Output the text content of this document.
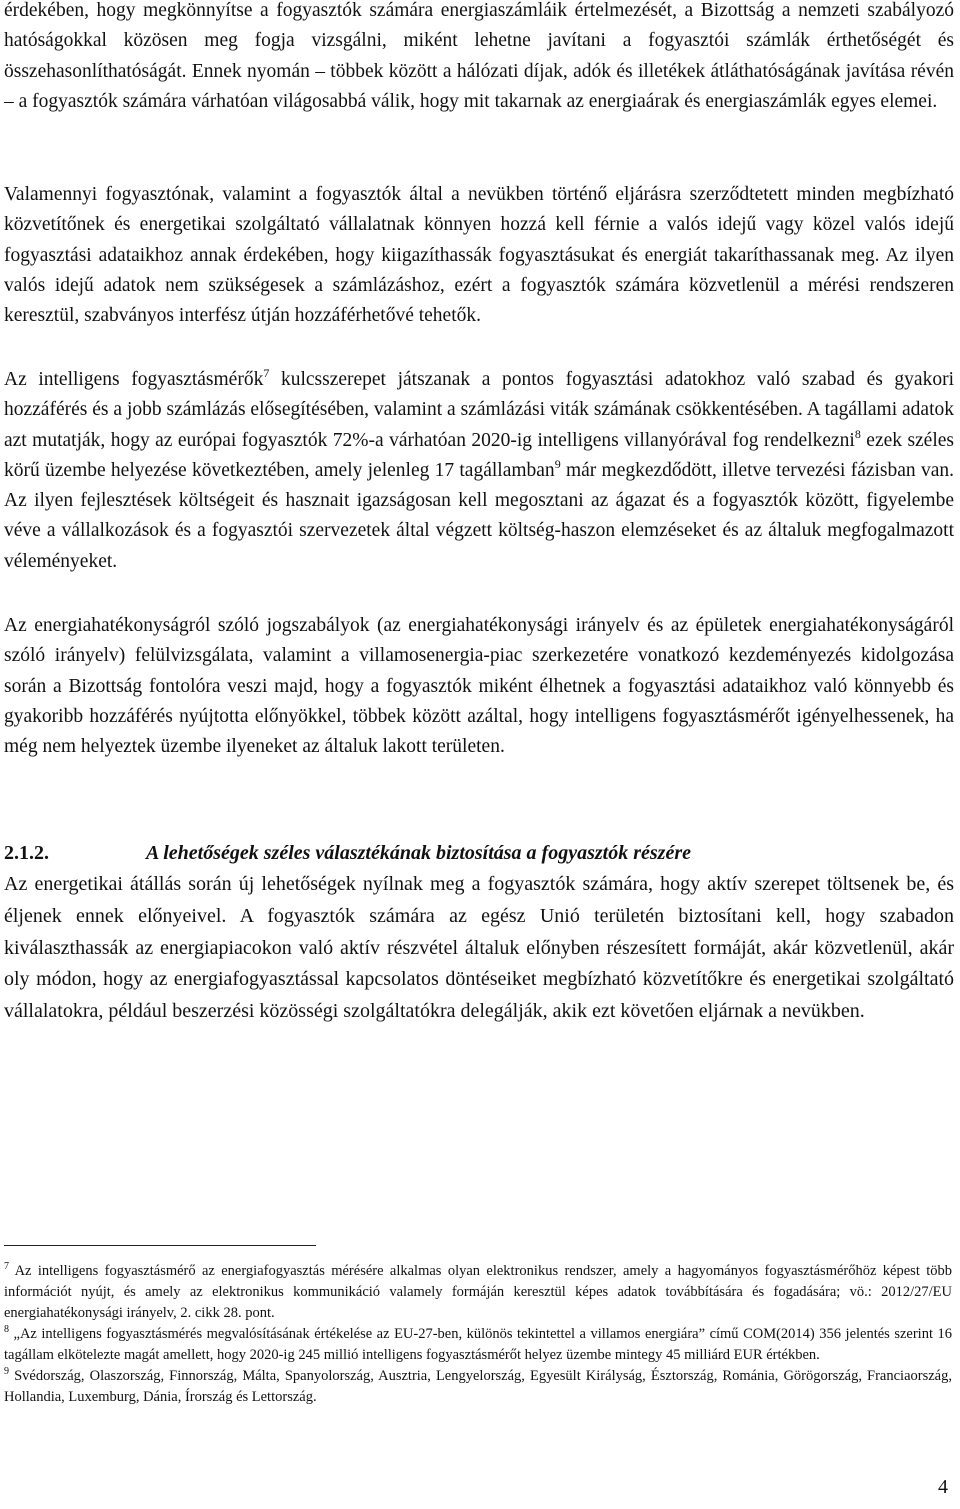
érdekében, hogy megkönnyítse a fogyasztók számára energiaszámláik értelmezését, a Bizottság a nemzeti szabályozó hatóságokkal közösen meg fogja vizsgálni, miként lehetne javítani a fogyasztói számlák érthetőségét és összehasonlíthatóságát. Ennek nyomán – többek között a hálózati díjak, adók és illetékek átláthatóságának javítása révén – a fogyasztók számára várhatóan világosabbá válik, hogy mit takarnak az energiaárak és energiaszámlák egyes elemei.

Valamennyi fogyasztónak, valamint a fogyasztók által a nevükben történő eljárásra szerződtetett minden megbízható közvetítőnek és energetikai szolgáltató vállalatnak könnyen hozzá kell férnie a valós idejű vagy közel valós idejű fogyasztási adataikhoz annak érdekében, hogy kiigazíthassák fogyasztásukat és energiát takaríthassanak meg. Az ilyen valós idejű adatok nem szükségesek a számlázáshoz, ezért a fogyasztók számára közvetlenül a mérési rendszeren keresztül, szabványos interfész útján hozzáférhetővé tehetők.

Az intelligens fogyasztásmérők$^7$ kulcsszerepet játszanak a pontos fogyasztási adatokhoz való szabad és gyakori hozzáférés és a jobb számlázás elősegítésében, valamint a számlázási viták számának csökkentésében. A tagállami adatok azt mutatják, hogy az európai fogyasztók 72%-a várhatóan 2020-ig intelligens villanyórával fog rendelkezni$^8$ ezek széles körű üzembe helyezése következtében, amely jelenleg 17 tagállamban$^9$ már megkezdődött, illetve tervezési fázisban van. Az ilyen fejlesztések költségeit és hasznait igazságosan kell megosztani az ágazat és a fogyasztók között, figyelembe véve a vállalkozások és a fogyasztói szervezetek által végzett költség-haszon elemzéseket és az általuk megfogalmazott véleményeket.

Az energiahatékonyságról szóló jogszabályok (az energiahatékonysági irányelv és az épületek energiahatékonyságáról szóló irányelv) felülvizsgálata, valamint a villamosenergia-piac szerkezetére vonatkozó kezdeményezés kidolgozása során a Bizottság fontolóra veszi majd, hogy a fogyasztók miként élhetnek a fogyasztási adataikhoz való könnyebb és gyakoribb hozzáférés nyújtotta előnyökkel, többek között azáltal, hogy intelligens fogyasztásmérőt igényelhessenek, ha még nem helyeztek üzembe ilyeneket az általuk lakott területen.

2.1.2.	A lehetőségek széles választékának biztosítása a fogyasztók részére

Az energetikai átállás során új lehetőségek nyílnak meg a fogyasztók számára, hogy aktív szerepet töltsenek be, és éljenek ennek előnyeivel. A fogyasztók számára az egész Unió területén biztosítani kell, hogy szabadon kiválaszthassák az energiapiacokon való aktív részvétel általuk előnyben részesített formáját, akár közvetlenül, akár oly módon, hogy az energiafogyasztással kapcsolatos döntéseiket megbízható közvetítőkre és energetikai szolgáltató vállalatokra, például beszerzési közösségi szolgáltatókra delegálják, akik ezt követően eljárnak a nevükben.

$^7$ Az intelligens fogyasztásmérő az energiafogyasztás mérésére alkalmas olyan elektronikus rendszer, amely a hagyományos fogyasztásmérőhöz képest több információt nyújt, és amely az elektronikus kommunikáció valamely formáján keresztül képes adatok továbbítására és fogadására; vö.: 2012/27/EU energiahatékonysági irányelv, 2. cikk 28. pont.

$^8$ „Az intelligens fogyasztásmérés megvalósításának értékelése az EU-27-ben, különös tekintettel a villamos energiára” című COM(2014) 356 jelentés szerint 16 tagállam elkötelezte magát amellett, hogy 2020-ig 245 millió intelligens fogyasztásmérőt helyez üzembe mintegy 45 milliárd EUR értékben.

$^9$ Svédország, Olaszország, Finnország, Málta, Spanyolország, Ausztria, Lengyelország, Egyesült Királyság, Észtország, Románia, Görögország, Franciaország, Hollandia, Luxemburg, Dánia, Írország és Lettország.

4
